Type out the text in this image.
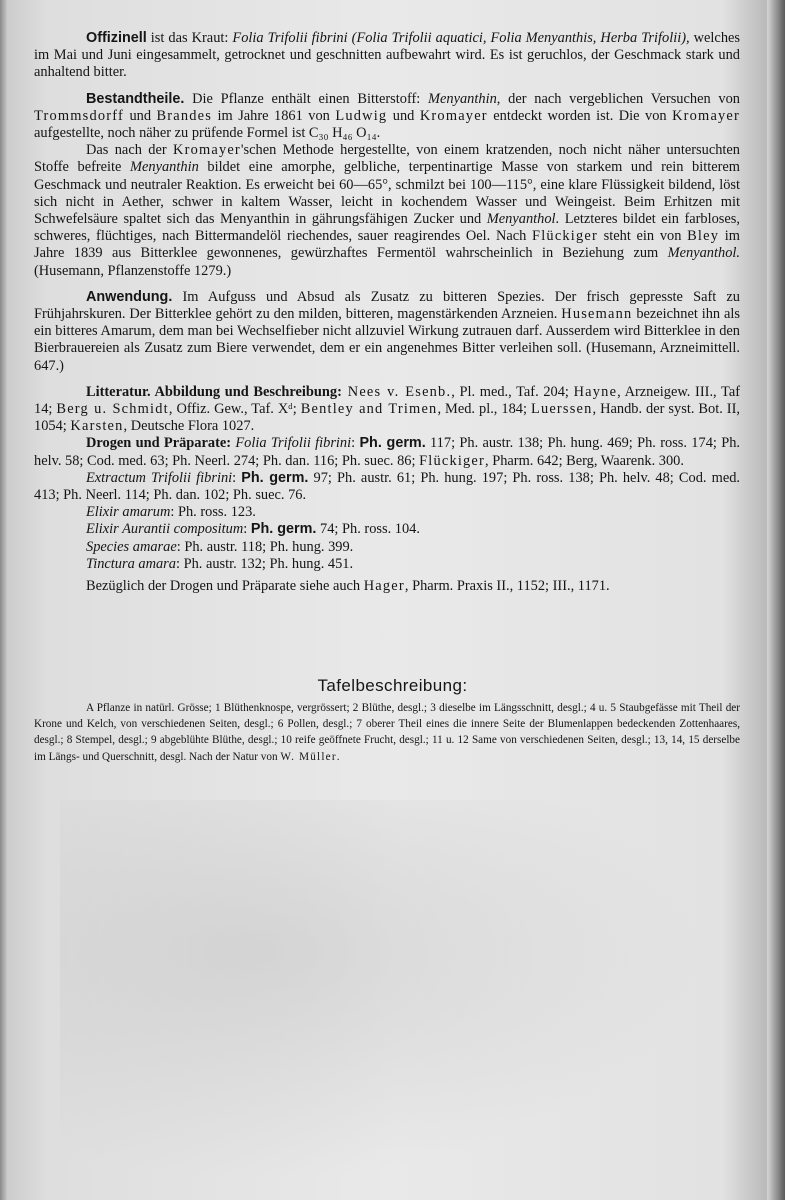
Offizinell ist das Kraut: Folia Trifolii fibrini (Folia Trifolii aquatici, Folia Menyanthis, Herba Trifolii), welches im Mai und Juni eingesammelt, getrocknet und geschnitten aufbewahrt wird. Es ist geruchlos, der Geschmack stark und anhaltend bitter.

Bestandtheile. Die Pflanze enthält einen Bitterstoff: Menyanthin, der nach vergeblichen Versuchen von Trommsdorff und Brandes im Jahre 1861 von Ludwig und Kromayer entdeckt worden ist. Die von Kromayer aufgestellte, noch näher zu prüfende Formel ist C₃₀ H₄₆ O₁₄.

Das nach der Kromayer'schen Methode hergestellte, von einem kratzenden, noch nicht näher untersuchten Stoffe befreite Menyanthin bildet eine amorphe, gelbliche, terpentinartige Masse von starkem und rein bitterem Geschmack und neutraler Reaktion. Es erweicht bei 60—65°, schmilzt bei 100—115°, eine klare Flüssigkeit bildend, löst sich nicht in Aether, schwer in kaltem Wasser, leicht in kochendem Wasser und Weingeist. Beim Erhitzen mit Schwefelsäure spaltet sich das Menyanthin in gährungsfähigen Zucker und Menyanthol. Letzteres bildet ein farbloses, schweres, flüchtiges, nach Bittermandelöl riechendes, sauer reagirendes Oel. Nach Flückiger steht ein von Bley im Jahre 1839 aus Bitterklee gewonnenes, gewürzhaftes Fermentöl wahrscheinlich in Beziehung zum Menyanthol. (Husemann, Pflanzenstoffe 1279.)

Anwendung. Im Aufguss und Absud als Zusatz zu bitteren Spezies. Der frisch gepresste Saft zu Frühjahrskuren. Der Bitterklee gehört zu den milden, bitteren, magenstärkenden Arzneien. Husemann bezeichnet ihn als ein bitteres Amarum, dem man bei Wechselfieber nicht allzuviel Wirkung zutrauen darf. Ausserdem wird Bitterklee in den Bierbrauereien als Zusatz zum Biere verwendet, dem er ein angenehmes Bitter verleihen soll. (Husemann, Arzneimittell. 647.)

Litteratur. Abbildung und Beschreibung: Nees v. Esenb., Pl. med., Taf. 204; Hayne, Arzneigew. III., Taf 14; Berg u. Schmidt, Offiz. Gew., Taf. Xᵈ; Bentley and Trimen, Med. pl., 184; Luerssen, Handb. der syst. Bot. II, 1054; Karsten, Deutsche Flora 1027.

Drogen und Präparate: Folia Trifolii fibrini: Ph. germ. 117; Ph. austr. 138; Ph. hung. 469; Ph. ross. 174; Ph. helv. 58; Cod. med. 63; Ph. Neerl. 274; Ph. dan. 116; Ph. suec. 86; Flückiger, Pharm. 642; Berg, Waarenk. 300.

Extractum Trifolii fibrini: Ph. germ. 97; Ph. austr. 61; Ph. hung. 197; Ph. ross. 138; Ph. helv. 48; Cod. med. 413; Ph. Neerl. 114; Ph. dan. 102; Ph. suec. 76.

Elixir amarum: Ph. ross. 123.

Elixir Aurantii compositum: Ph. germ. 74; Ph. ross. 104.

Species amarae: Ph. austr. 118; Ph. hung. 399.

Tinctura amara: Ph. austr. 132; Ph. hung. 451.

Bezüglich der Drogen und Präparate siehe auch Hager, Pharm. Praxis II., 1152; III., 1171.

Tafelbeschreibung:

A Pflanze in natürl. Grösse; 1 Blüthenknospe, vergrössert; 2 Blüthe, desgl.; 3 dieselbe im Längsschnitt, desgl.; 4 u. 5 Staubgefässe mit Theil der Krone und Kelch, von verschiedenen Seiten, desgl.; 6 Pollen, desgl.; 7 oberer Theil eines die innere Seite der Blumenlappen bedeckenden Zottenhaares, desgl.; 8 Stempel, desgl.; 9 abgeblühte Blüthe, desgl.; 10 reife geöffnete Frucht, desgl.; 11 u. 12 Same von verschiedenen Seiten, desgl.; 13, 14, 15 derselbe im Längs- und Querschnitt, desgl. Nach der Natur von W. Müller.
